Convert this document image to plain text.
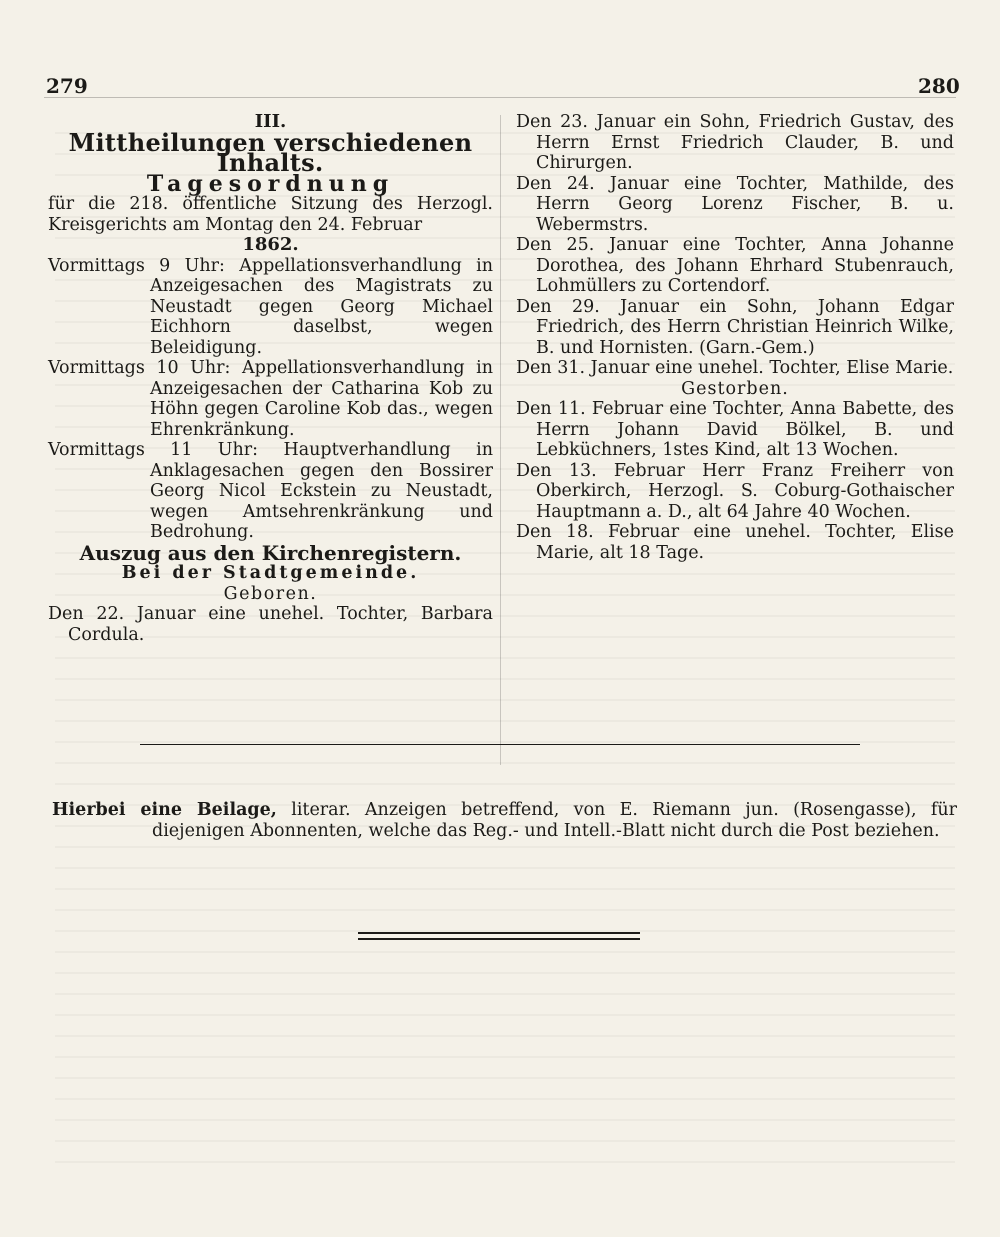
279	280

III.

Mittheilungen verschiedenen Inhalts.

Tagesordnung

für die 218. öffentliche Sitzung des Herzogl. Kreisgerichts am Montag den 24. Februar

1862.

Vormittags 9 Uhr: Appellationsverhandlung in Anzeigesachen des Magistrats zu Neustadt gegen Georg Michael Eichhorn daselbst, wegen Beleidigung.

Vormittags 10 Uhr: Appellationsverhandlung in Anzeigesachen der Catharina Kob zu Höhn gegen Caroline Kob das., wegen Ehrenkränkung.

Vormittags 11 Uhr: Hauptverhandlung in Anklagesachen gegen den Bossirer Georg Nicol Eckstein zu Neustadt, wegen Amtsehrenkränkung und Bedrohung.

Auszug aus den Kirchenregistern.

Bei der Stadtgemeinde.

Geboren.

Den 22. Januar eine unehel. Tochter, Barbara Cordula.

Den 23. Januar ein Sohn, Friedrich Gustav, des Herrn Ernst Friedrich Clauder, B. und Chirurgen.

Den 24. Januar eine Tochter, Mathilde, des Herrn Georg Lorenz Fischer, B. u. Webermstrs.

Den 25. Januar eine Tochter, Anna Johanne Dorothea, des Johann Ehrhard Stubenrauch, Lohmüllers zu Cortendorf.

Den 29. Januar ein Sohn, Johann Edgar Friedrich, des Herrn Christian Heinrich Wilke, B. und Hornisten. (Garn.-Gem.)

Den 31. Januar eine unehel. Tochter, Elise Marie.

Gestorben.

Den 11. Februar eine Tochter, Anna Babette, des Herrn Johann David Bölkel, B. und Lebküchners, 1stes Kind, alt 13 Wochen.

Den 13. Februar Herr Franz Freiherr von Oberkirch, Herzogl. S. Coburg-Gothaischer Hauptmann a. D., alt 64 Jahre 40 Wochen.

Den 18. Februar eine unehel. Tochter, Elise Marie, alt 18 Tage.

Hierbei eine Beilage, literar. Anzeigen betreffend, von E. Riemann jun. (Rosengasse), für diejenigen Abonnenten, welche das Reg.- und Intell.-Blatt nicht durch die Post beziehen.
